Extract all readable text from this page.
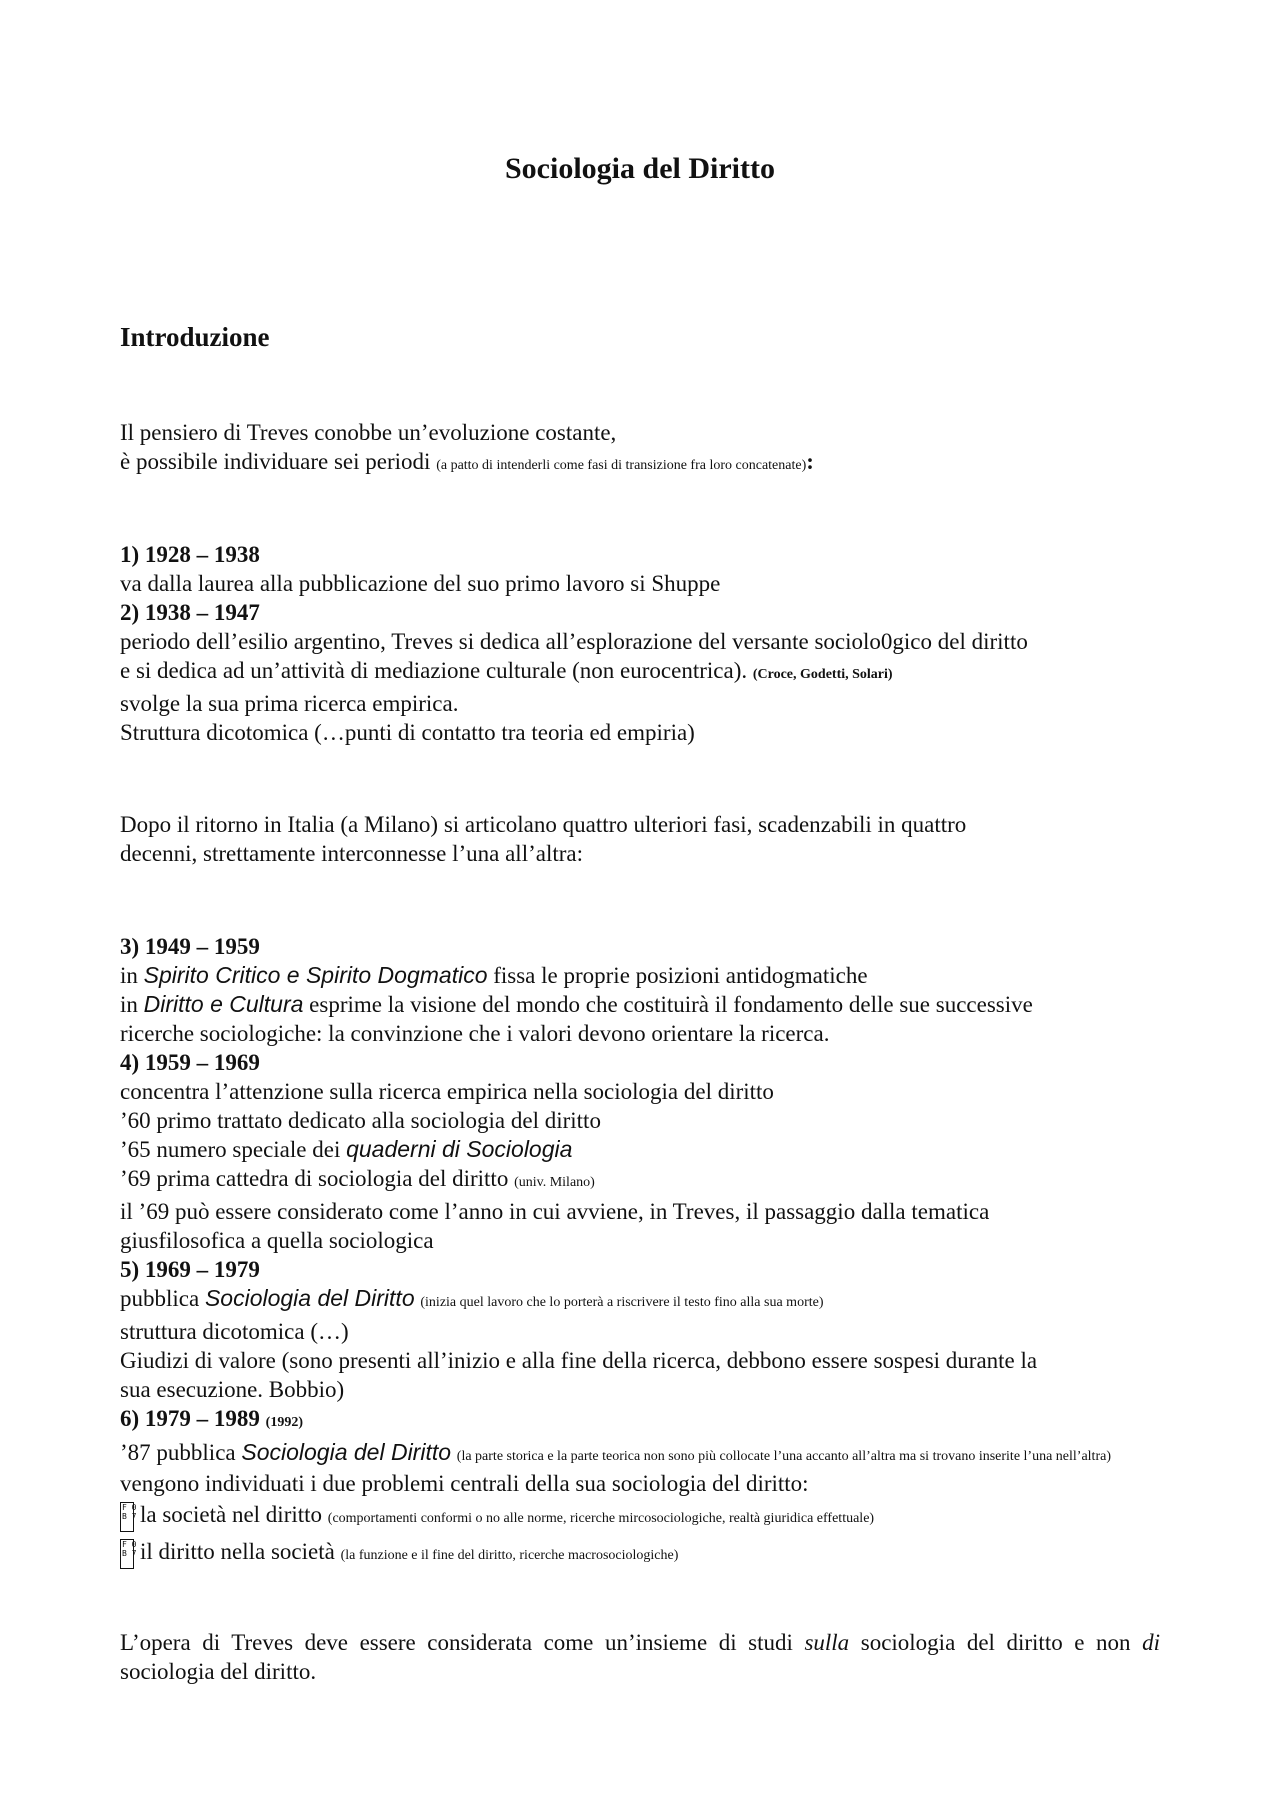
Sociologia del Diritto
Introduzione
Il pensiero di Treves conobbe un’evoluzione costante,
è possibile individuare sei periodi (a patto di intenderli come fasi di transizione fra loro concatenate):
1) 1928 – 1938
va dalla laurea alla pubblicazione del suo primo lavoro si Shuppe
2) 1938 – 1947
periodo dell’esilio argentino, Treves si dedica all’esplorazione del versante sociolo0gico del diritto
e si dedica ad un’attività di mediazione culturale (non eurocentrica). (Croce, Godetti, Solari)
svolge la sua prima ricerca empirica.
Struttura dicotomica (…punti di contatto tra teoria ed empiria)
Dopo il ritorno in Italia (a Milano) si articolano quattro ulteriori fasi, scadenzabili in quattro
decenni, strettamente interconnesse l’una all’altra:
3) 1949 – 1959
in Spirito Critico e Spirito Dogmatico fissa le proprie posizioni antidogmatiche
in Diritto e Cultura esprime la visione del mondo che costituirà il fondamento delle sue successive
ricerche sociologiche: la convinzione che i valori devono orientare la ricerca.
4) 1959 – 1969
concentra l’attenzione sulla ricerca empirica nella sociologia del diritto
’60 primo trattato dedicato alla sociologia del diritto
’65 numero speciale dei quaderni di Sociologia
’69 prima cattedra di sociologia del diritto (univ. Milano)
il ’69 può essere considerato come l’anno in cui avviene, in Treves, il passaggio dalla tematica
giusfilosofica a quella sociologica
5) 1969 – 1979
pubblica Sociologia del Diritto (inizia quel lavoro che lo porterà a riscrivere il testo fino alla sua morte)
struttura dicotomica (…)
Giudizi di valore (sono presenti all’inizio e alla fine della ricerca, debbono essere sospesi durante la
sua esecuzione. Bobbio)
6) 1979 – 1989 (1992)
’87 pubblica Sociologia del Diritto (la parte storica e la parte teorica non sono più collocate l’una accanto all’altra ma si trovano inserite l’una nell’altra)
vengono individuati i due problemi centrali della sua sociologia del diritto:
F 0
B 7 la società nel diritto (comportamenti conformi o no alle norme, ricerche mircosociologiche, realtà giuridica effettuale)
F 0
B 7 il diritto nella società (la funzione e il fine del diritto, ricerche macrosociologiche)
L’opera di Treves deve essere considerata come un’insieme di studi sulla sociologia del diritto e non di sociologia del diritto.
